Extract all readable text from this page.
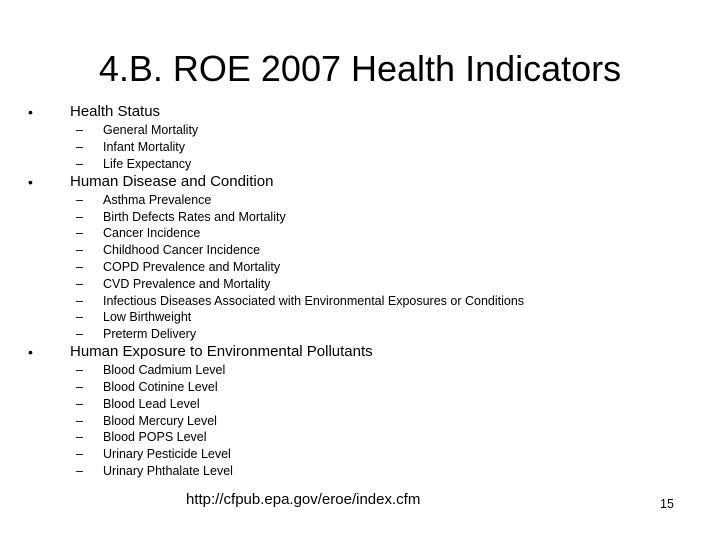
4.B. ROE 2007 Health Indicators
• Health Status
– General Mortality
– Infant Mortality
– Life Expectancy
• Human Disease and Condition
– Asthma Prevalence
– Birth Defects Rates and Mortality
– Cancer Incidence
– Childhood Cancer Incidence
– COPD Prevalence and Mortality
– CVD Prevalence and Mortality
– Infectious Diseases Associated with Environmental Exposures or Conditions
– Low Birthweight
– Preterm Delivery
• Human Exposure to Environmental Pollutants
– Blood Cadmium Level
– Blood Cotinine Level
– Blood Lead Level
– Blood Mercury Level
– Blood POPS Level
– Urinary Pesticide Level
– Urinary Phthalate Level
http://cfpub.epa.gov/eroe/index.cfm	15
